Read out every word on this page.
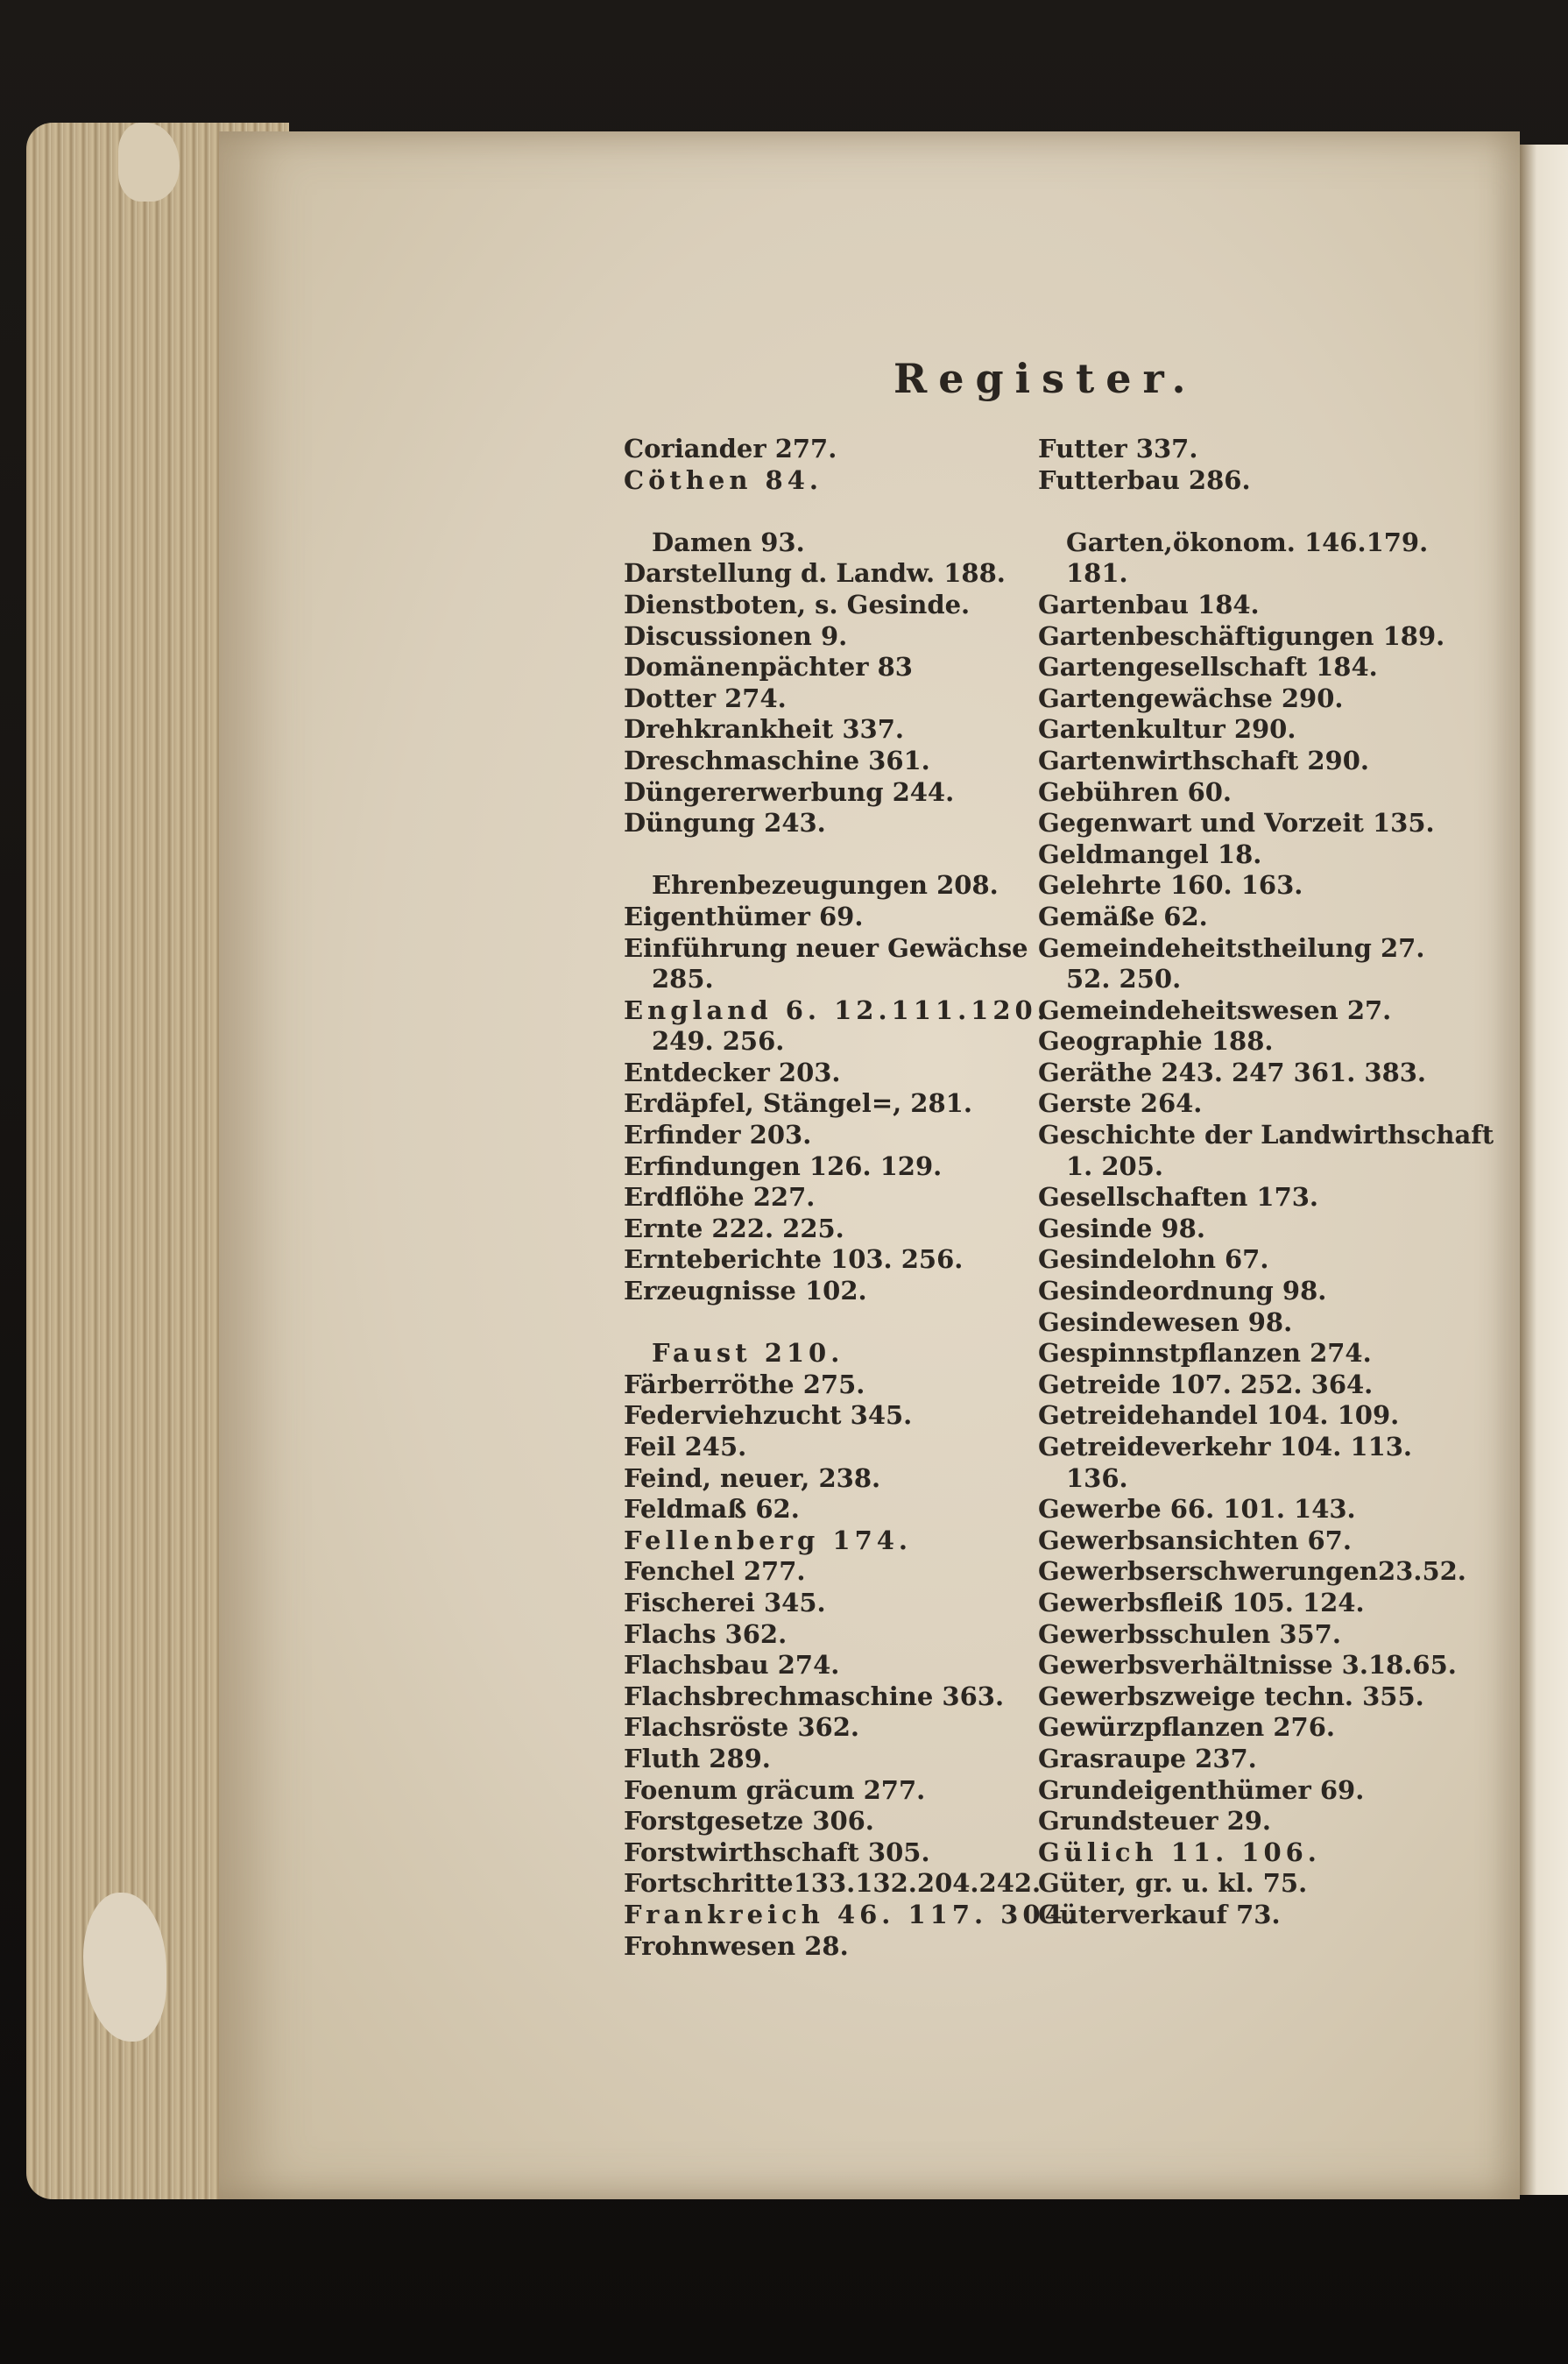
Register.
Coriander 277.
Cöthen 84.
Damen 93.
Darstellung d. Landw. 188.
Dienstboten, s. Gesinde.
Discussionen 9.
Domänenpächter 83
Dotter 274.
Drehkrankheit 337.
Dreschmaschine 361.
Düngererwerbung 244.
Düngung 243.
Ehrenbezeugungen 208.
Eigenthümer 69.
Einführung neuer Gewächse
285.
England 6. 12.111.120.
249. 256.
Entdecker 203.
Erdäpfel, Stängel=, 281.
Erfinder 203.
Erfindungen 126. 129.
Erdflöhe 227.
Ernte 222. 225.
Ernteberichte 103. 256.
Erzeugnisse 102.
Faust 210.
Färberröthe 275.
Federviehzucht 345.
Feil 245.
Feind, neuer, 238.
Feldmaß 62.
Fellenberg 174.
Fenchel 277.
Fischerei 345.
Flachs 362.
Flachsbau 274.
Flachsbrechmaschine 363.
Flachsröste 362.
Fluth 289.
Foenum gräcum 277.
Forstgesetze 306.
Forstwirthschaft 305.
Fortschritte133.132.204.242.
Frankreich 46. 117. 304.
Frohnwesen 28.
Futter 337.
Futterbau 286.
Garten,ökonom. 146.179.
181.
Gartenbau 184.
Gartenbeschäftigungen 189.
Gartengesellschaft 184.
Gartengewächse 290.
Gartenkultur 290.
Gartenwirthschaft 290.
Gebühren 60.
Gegenwart und Vorzeit 135.
Geldmangel 18.
Gelehrte 160. 163.
Gemäße 62.
Gemeindeheitstheilung 27.
52. 250.
Gemeindeheitswesen 27.
Geographie 188.
Geräthe 243. 247 361. 383.
Gerste 264.
Geschichte der Landwirthschaft
1. 205.
Gesellschaften 173.
Gesinde 98.
Gesindelohn 67.
Gesindeordnung 98.
Gesindewesen 98.
Gespinnstpflanzen 274.
Getreide 107. 252. 364.
Getreidehandel 104. 109.
Getreideverkehr 104. 113.
136.
Gewerbe 66. 101. 143.
Gewerbsansichten 67.
Gewerbserschwerungen23.52.
Gewerbsfleiß 105. 124.
Gewerbsschulen 357.
Gewerbsverhältnisse 3.18.65.
Gewerbszweige techn. 355.
Gewürzpflanzen 276.
Grasraupe 237.
Grundeigenthümer 69.
Grundsteuer 29.
Gülich 11. 106.
Güter, gr. u. kl. 75.
Güterverkauf 73.
